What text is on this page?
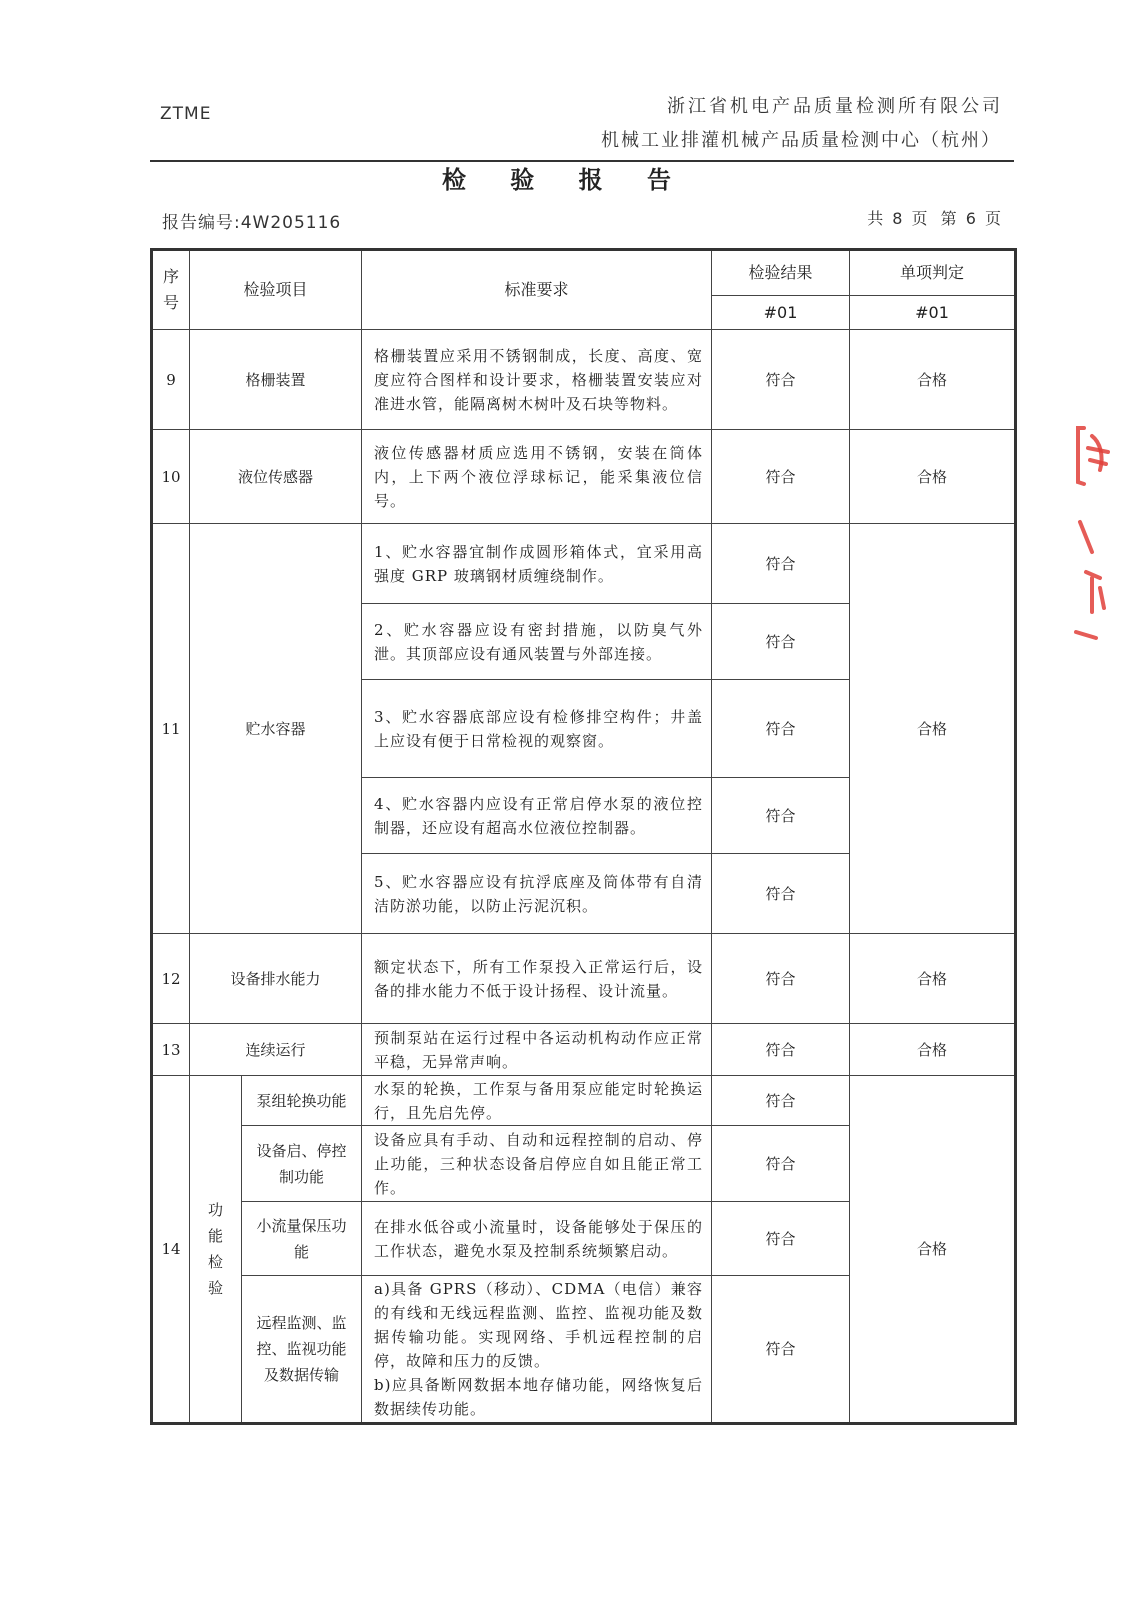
ZTME	浙江省机电产品质量检测所有限公司
机械工业排灌机械产品质量检测中心（杭州）
检 验 报 告
报告编号:4W205116	共 8 页 第 6 页
序号	检验项目		标准要求	检验结果	单项判定
				#01	#01
9	格栅装置		格栅装置应采用不锈钢制成，长度、高度、宽度应符合图样和设计要求，格栅装置安装应对准进水管，能隔离树木树叶及石块等物料。	符合	合格
10	液位传感器		液位传感器材质应选用不锈钢，安装在筒体内，上下两个液位浮球标记，能采集液位信号。	符合	合格
11	贮水容器		1、贮水容器宜制作成圆形箱体式，宜采用高强度 GRP 玻璃钢材质缠绕制作。	符合	合格
			2、贮水容器应设有密封措施，以防臭气外泄。其顶部应设有通风装置与外部连接。	符合	
			3、贮水容器底部应设有检修排空构件；井盖上应设有便于日常检视的观察窗。	符合	
			4、贮水容器内应设有正常启停水泵的液位控制器，还应设有超高水位液位控制器。	符合	
			5、贮水容器应设有抗浮底座及筒体带有自清洁防淤功能，以防止污泥沉积。	符合	
12	设备排水能力		额定状态下，所有工作泵投入正常运行后，设备的排水能力不低于设计扬程、设计流量。	符合	合格
13	连续运行		预制泵站在运行过程中各运动机构动作应正常平稳，无异常声响。	符合	合格
14	功能检验	泵组轮换功能	水泵的轮换，工作泵与备用泵应能定时轮换运行，且先启先停。	符合	合格
		设备启、停控制功能	设备应具有手动、自动和远程控制的启动、停止功能，三种状态设备启停应自如且能正常工作。	符合	
		小流量保压功能	在排水低谷或小流量时，设备能够处于保压的工作状态，避免水泵及控制系统频繁启动。	符合	
		远程监测、监控、监视功能及数据传输	a)具备 GPRS（移动）、CDMA（电信）兼容的有线和无线远程监测、监控、监视功能及数据传输功能。实现网络、手机远程控制的启停，故障和压力的反馈。
b)应具备断网数据本地存储功能，网络恢复后数据续传功能。	符合	
